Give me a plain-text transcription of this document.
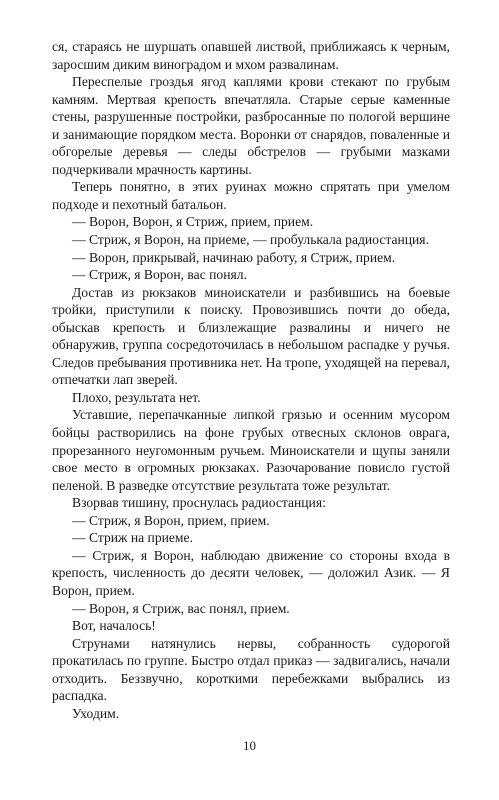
ся, стараясь не шуршать опавшей листвой, приближаясь к черным, заросшим диким виноградом и мхом развалинам.

Переспелые гроздья ягод каплями крови стекают по грубым камням. Мертвая крепость впечатляла. Старые серые каменные стены, разрушенные постройки, разбросанные по пологой вершине и занимающие порядком места. Воронки от снарядов, поваленные и обгорелые деревья — следы обстрелов — грубыми мазками подчеркивали мрачность картины.

Теперь понятно, в этих руинах можно спрятать при умелом подходе и пехотный батальон.

— Ворон, Ворон, я Стриж, прием, прием.

— Стриж, я Ворон, на приеме, — пробулькала радиостанция.

— Ворон, прикрывай, начинаю работу, я Стриж, прием.

— Стриж, я Ворон, вас понял.

Достав из рюкзаков миноискатели и разбившись на боевые тройки, приступили к поиску. Провозившись почти до обеда, обыскав крепость и близлежащие развалины и ничего не обнаружив, группа сосредоточилась в небольшом распадке у ручья. Следов пребывания противника нет. На тропе, уходящей на перевал, отпечатки лап зверей.

Плохо, результата нет.

Уставшие, перепачканные липкой грязью и осенним мусором бойцы растворились на фоне грубых отвесных склонов оврага, прорезанного неугомонным ручьем. Миноискатели и щупы заняли свое место в огромных рюкзаках. Разочарование повисло густой пеленой. В разведке отсутствие результата тоже результат.

Взорвав тишину, проснулась радиостанция:

— Стриж, я Ворон, прием, прием.

— Стриж на приеме.

— Стриж, я Ворон, наблюдаю движение со стороны входа в крепость, численность до десяти человек, — доложил Азик. — Я Ворон, прием.

— Ворон, я Стриж, вас понял, прием.

Вот, началось!

Струнами натянулись нервы, собранность судорогой прокатилась по группе. Быстро отдал приказ — задвигались, начали отходить. Беззвучно, короткими перебежками выбрались из распадка.

Уходим.

10
